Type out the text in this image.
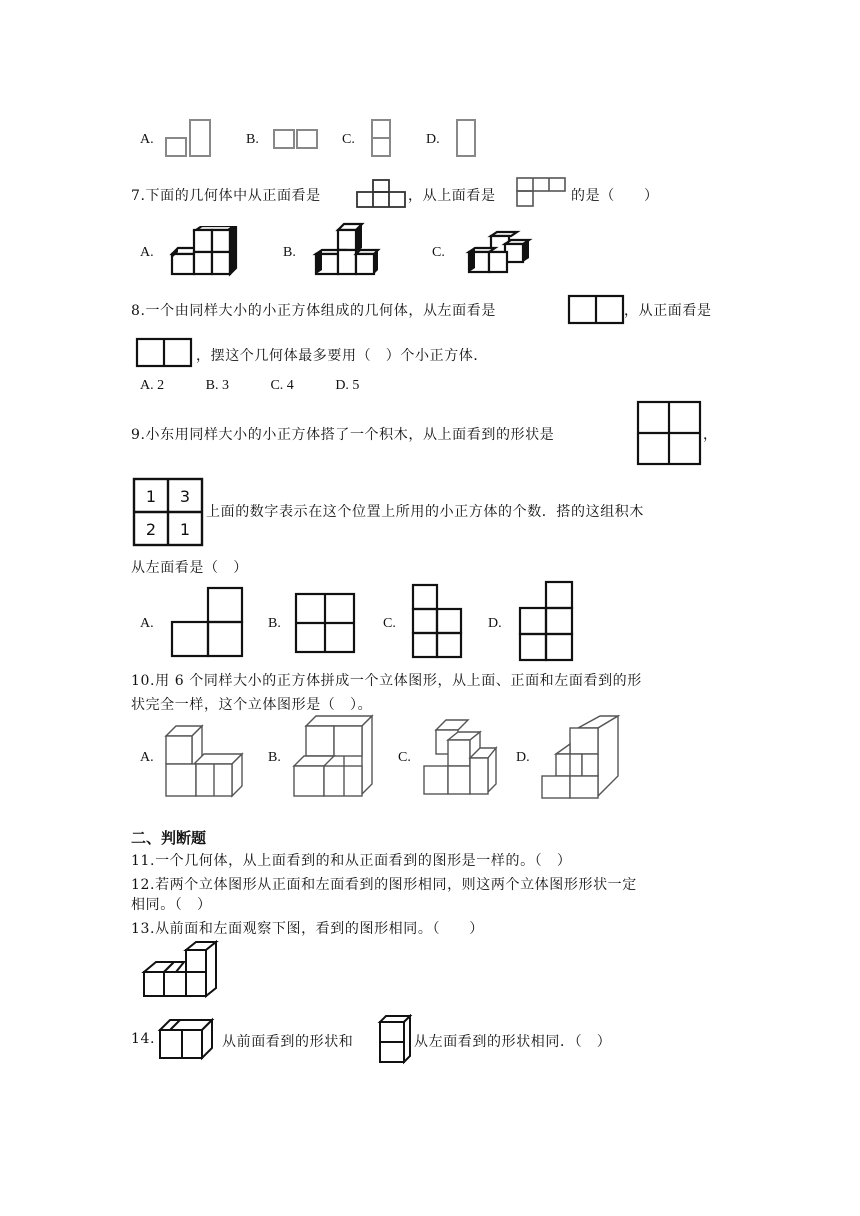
A.	B.	C.	D.
7.下面的几何体中从正面看是	，从上面看是	的是（　　）
A.	B.	C.
8.一个由同样大小的小正方体组成的几何体，从左面看是	，从正面看是
，摆这个几何体最多要用（　）个小正方体．
A. 2	B. 3	C. 4	D. 5
9.小东用同样大小的小正方体搭了一个积木，从上面看到的形状是	，
1 3
2 1
上面的数字表示在这个位置上所用的小正方体的个数．搭的这组积木
从左面看是（　）
A.	B.	C.	D.
10.用 6 个同样大小的正方体拼成一个立体图形，从上面、正面和左面看到的形
状完全一样，这个立体图形是（　）。
A.	B.	C.	D.
二、判断题
11.一个几何体，从上面看到的和从正面看到的图形是一样的。（　）
12.若两个立体图形从正面和左面看到的图形相同，则这两个立体图形形状一定
相同。（　）
13.从前面和左面观察下图，看到的图形相同。（　　）
14.	从前面看到的形状和	从左面看到的形状相同．（　）
